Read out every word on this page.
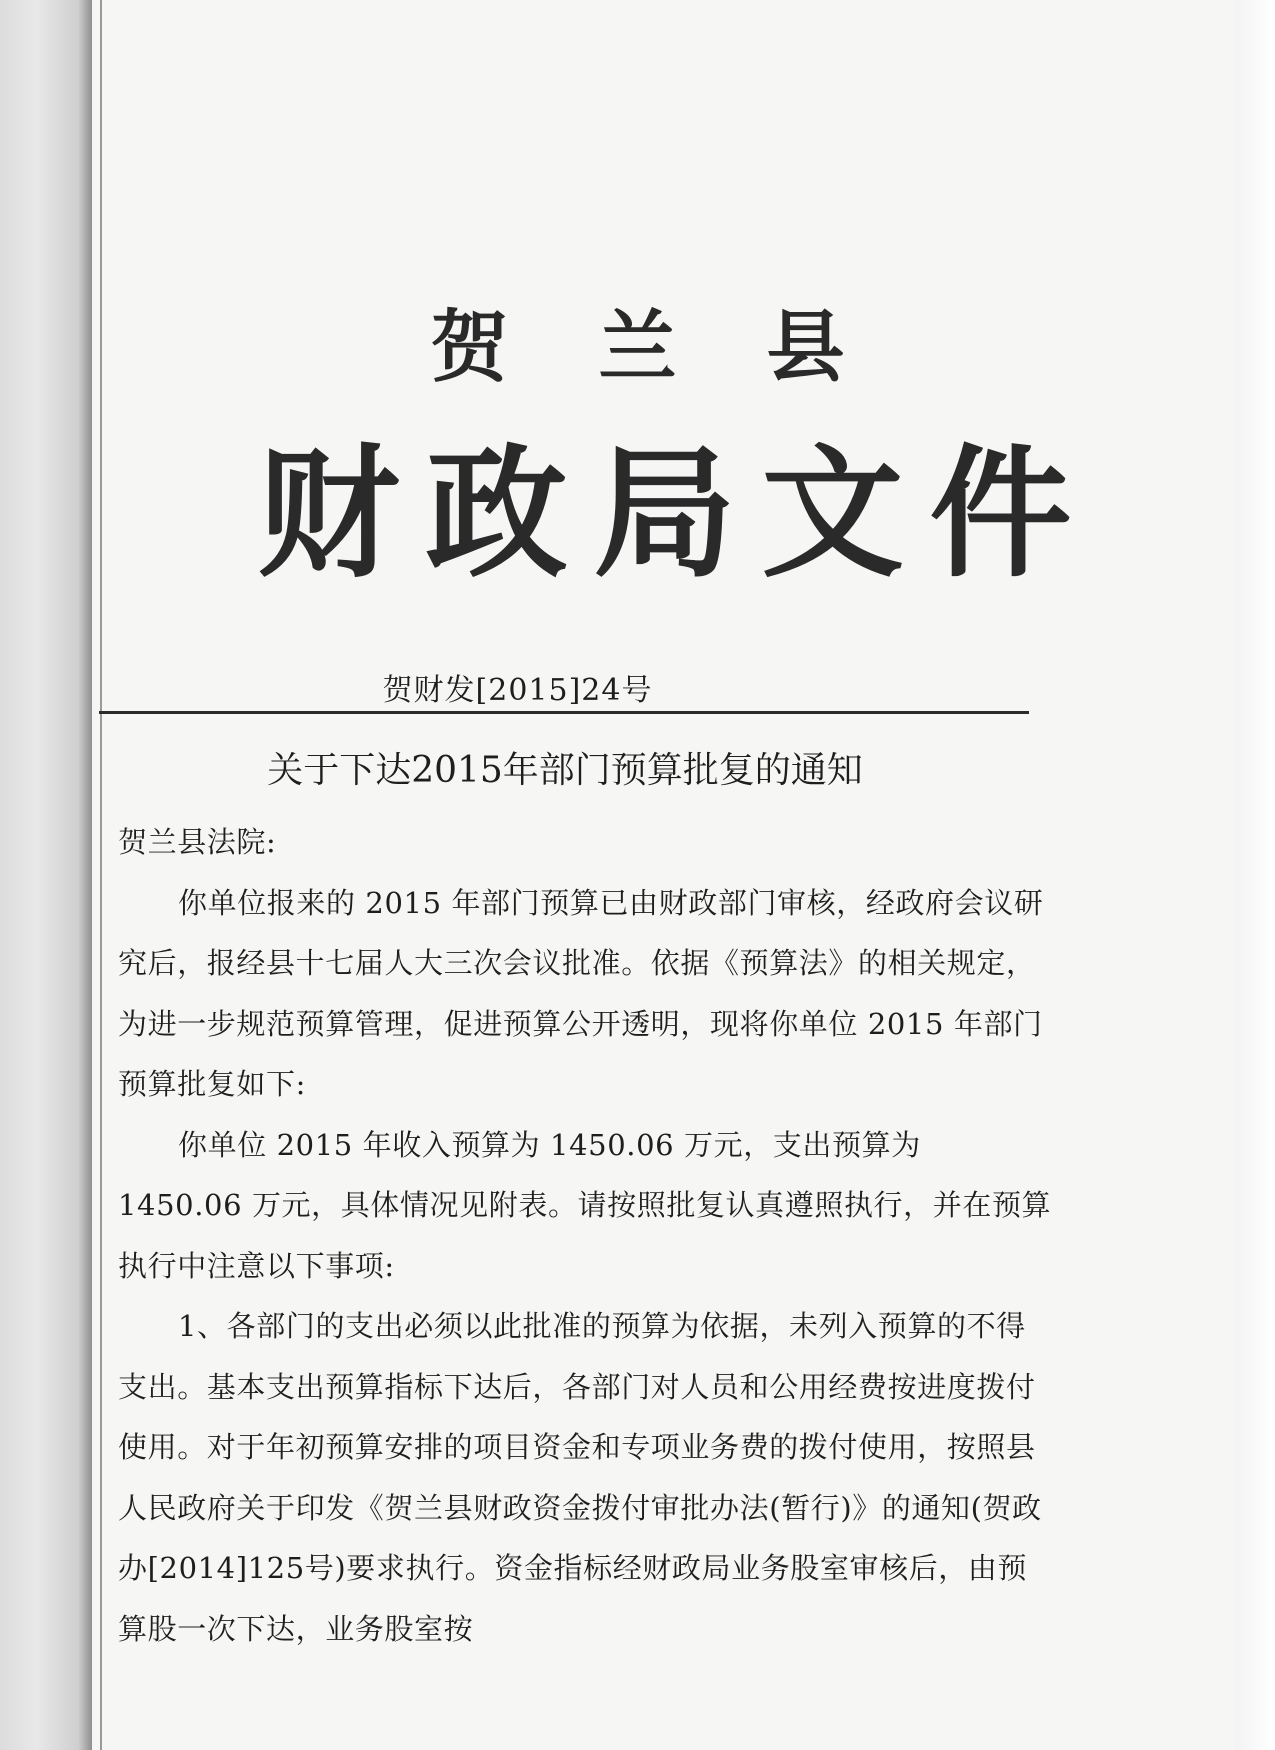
贺兰县
财政局文件
贺财发[2015]24号
关于下达2015年部门预算批复的通知

贺兰县法院:

你单位报来的 2015 年部门预算已由财政部门审核，经政府会议研究后，报经县十七届人大三次会议批准。依据《预算法》的相关规定，为进一步规范预算管理，促进预算公开透明，现将你单位 2015 年部门预算批复如下:

你单位 2015 年收入预算为 1450.06 万元，支出预算为 1450.06 万元，具体情况见附表。请按照批复认真遵照执行，并在预算执行中注意以下事项:

1、各部门的支出必须以此批准的预算为依据，未列入预算的不得支出。基本支出预算指标下达后，各部门对人员和公用经费按进度拨付使用。对于年初预算安排的项目资金和专项业务费的拨付使用，按照县人民政府关于印发《贺兰县财政资金拨付审批办法(暂行)》的通知(贺政办[2014]125号)要求执行。资金指标经财政局业务股室审核后，由预算股一次下达，业务股室按
